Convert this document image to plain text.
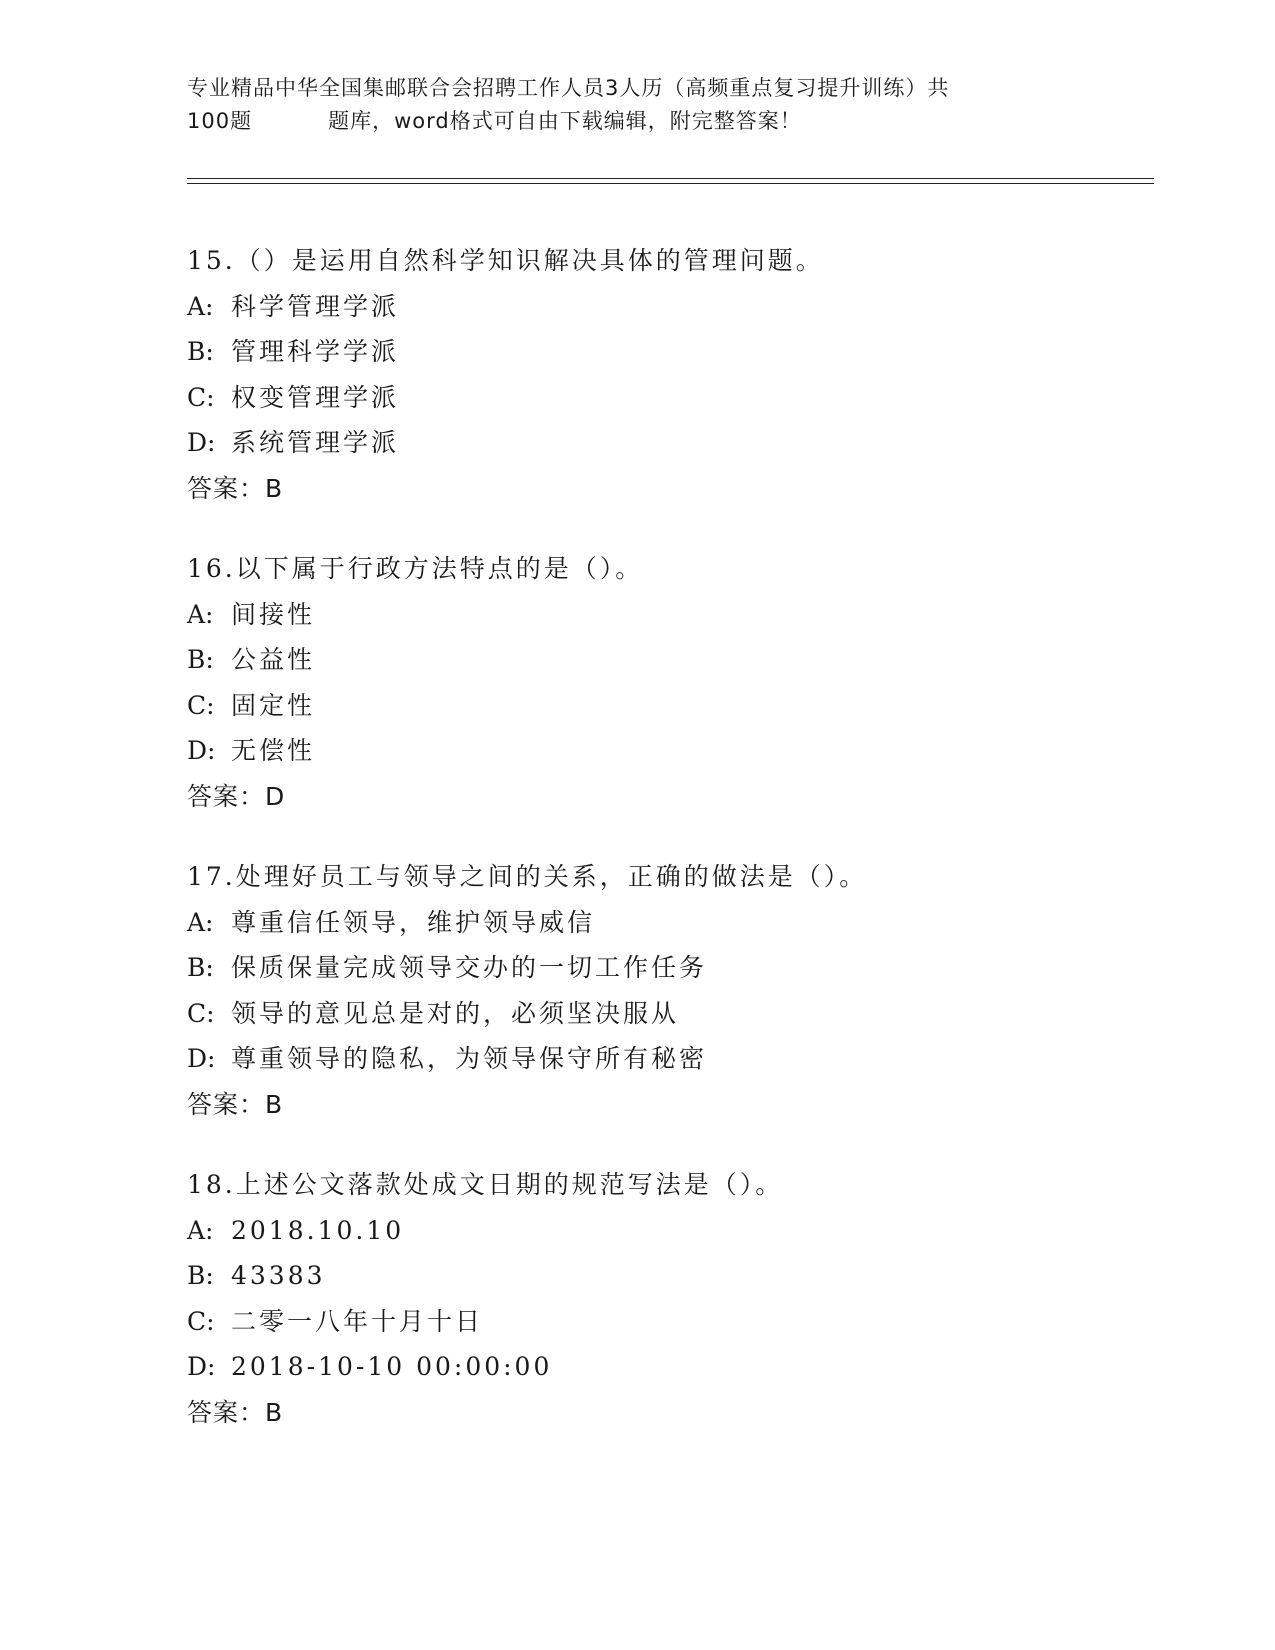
专业精品中华全国集邮联合会招聘工作人员3人历（高频重点复习提升训练）共
100题	题库，word格式可自由下载编辑，附完整答案！
15.（）是运用自然科学知识解决具体的管理问题。
A: 科学管理学派
B: 管理科学学派
C: 权变管理学派
D: 系统管理学派
答案：B
16.以下属于行政方法特点的是（）。
A: 间接性
B: 公益性
C: 固定性
D: 无偿性
答案：D
17.处理好员工与领导之间的关系，正确的做法是（）。
A: 尊重信任领导，维护领导威信
B: 保质保量完成领导交办的一切工作任务
C: 领导的意见总是对的，必须坚决服从
D: 尊重领导的隐私，为领导保守所有秘密
答案：B
18.上述公文落款处成文日期的规范写法是（）。
A: 2018.10.10
B: 43383
C: 二零一八年十月十日
D: 2018-10-10 00:00:00
答案：B
